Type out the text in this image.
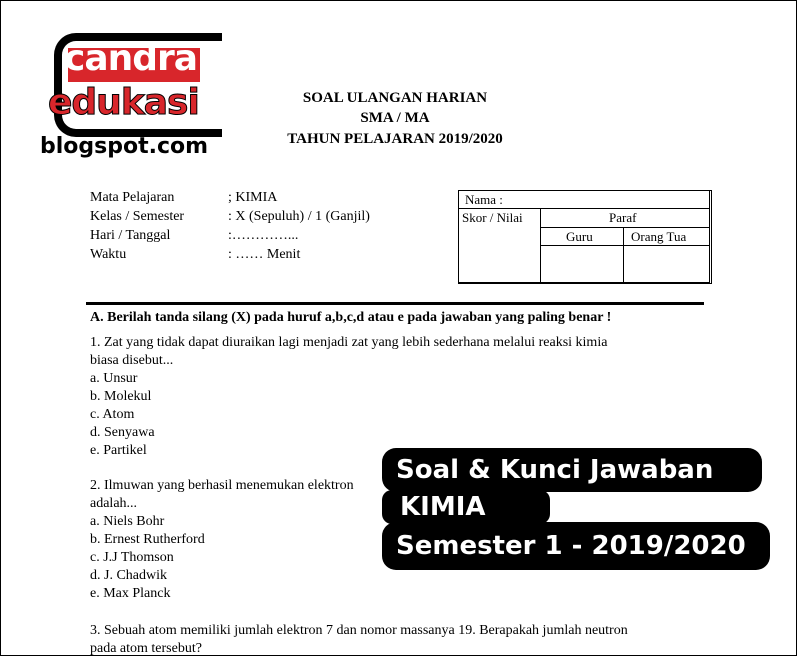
candra
edukasi
blogspot.com
SOAL ULANGAN HARIAN
SMA / MA
TAHUN PELAJARAN 2019/2020
Mata Pelajaran	; KIMIA
Kelas / Semester	: X (Sepuluh) / 1 (Ganjil)
Hari / Tanggal	:…………...
Waktu	: …… Menit
Nama :
Skor / Nilai	Paraf
Guru	Orang Tua
A. Berilah tanda silang (X) pada huruf a,b,c,d atau e pada jawaban yang paling benar !
1. Zat yang tidak dapat diuraikan lagi menjadi zat yang lebih sederhana melalui reaksi kimia
biasa disebut...
a. Unsur
b. Molekul
c. Atom
d. Senyawa
e. Partikel
2. Ilmuwan yang berhasil menemukan elektron
adalah...
a. Niels Bohr
b. Ernest Rutherford
c. J.J Thomson
d. J. Chadwik
e. Max Planck
3. Sebuah atom memiliki jumlah elektron 7 dan nomor massanya 19. Berapakah jumlah neutron
pada atom tersebut?
Soal & Kunci Jawaban
KIMIA
Semester 1 - 2019/2020
